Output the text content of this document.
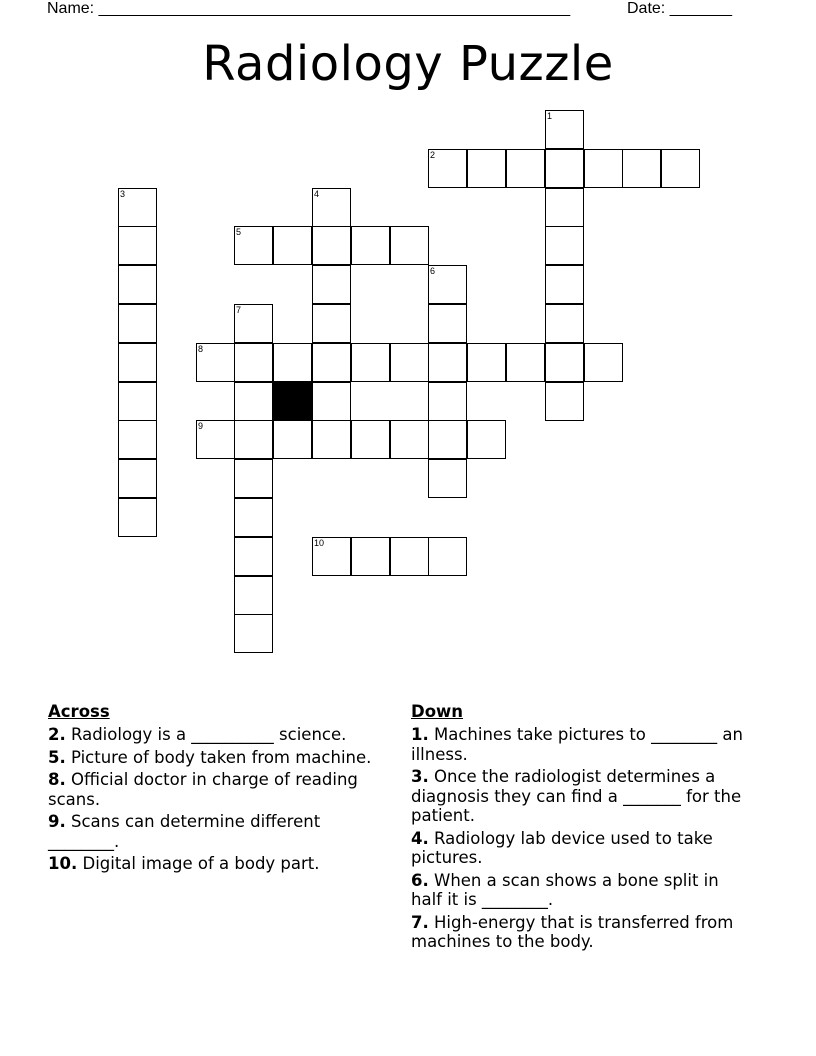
Name: _____________________________________________________	Date: _______
Radiology Puzzle
1
2
3	4
5
6
7
8
9
10
Across
2. Radiology is a __________ science.
5. Picture of body taken from machine.
8. Official doctor in charge of reading scans.
9. Scans can determine different ________.
10. Digital image of a body part.
Down
1. Machines take pictures to ________ an illness.
3. Once the radiologist determines a diagnosis they can find a _______ for the patient.
4. Radiology lab device used to take pictures.
6. When a scan shows a bone split in half it is ________.
7. High-energy that is transferred from machines to the body.
